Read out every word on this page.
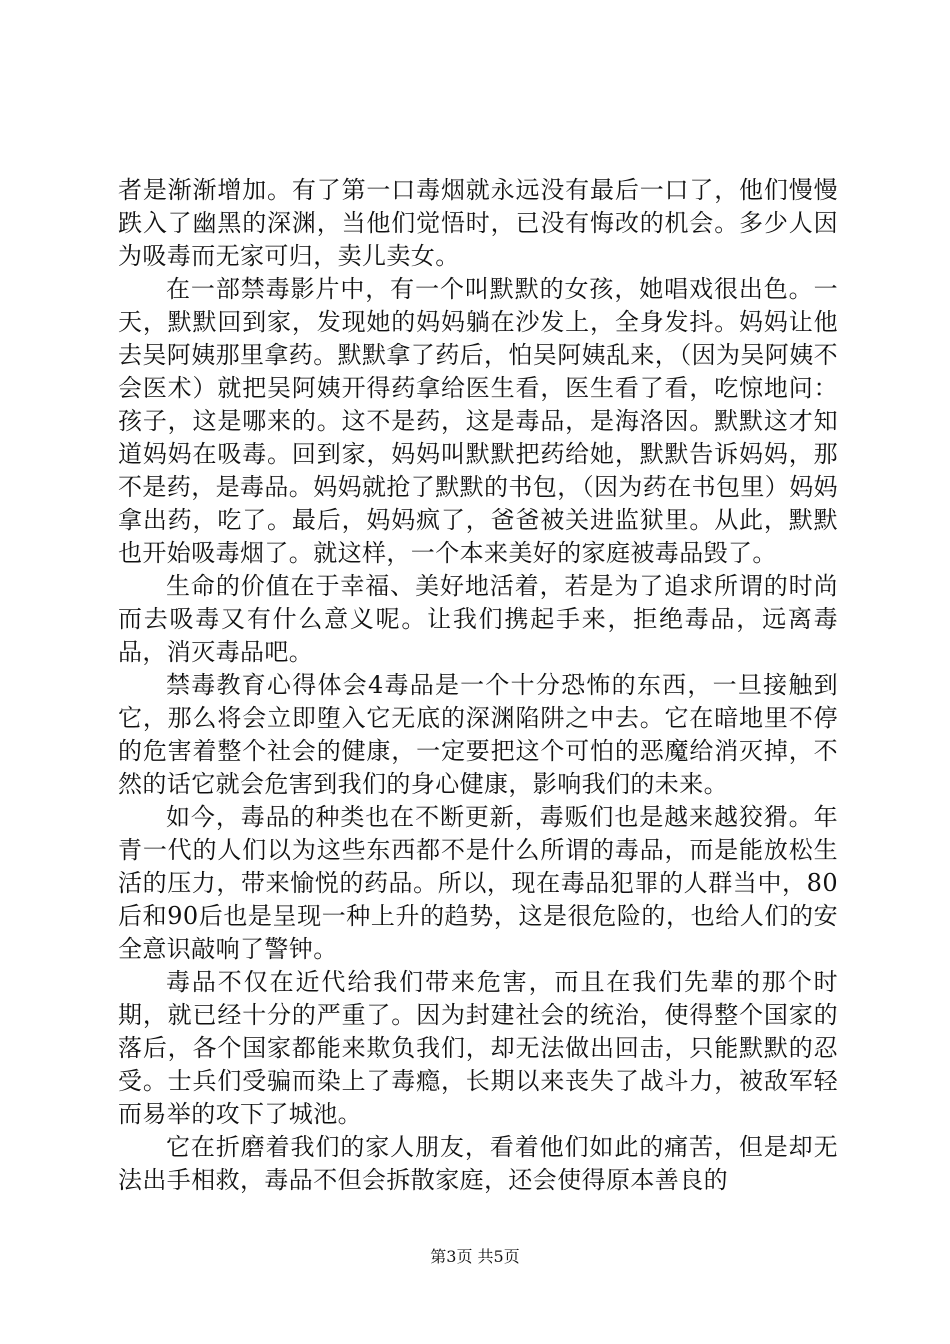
者是渐渐增加。有了第一口毒烟就永远没有最后一口了，他们慢慢跌入了幽黑的深渊，当他们觉悟时，已没有悔改的机会。多少人因为吸毒而无家可归，卖儿卖女。

在一部禁毒影片中，有一个叫默默的女孩，她唱戏很出色。一天，默默回到家，发现她的妈妈躺在沙发上，全身发抖。妈妈让他去吴阿姨那里拿药。默默拿了药后，怕吴阿姨乱来，（因为吴阿姨不会医术）就把吴阿姨开得药拿给医生看，医生看了看，吃惊地问：孩子，这是哪来的。这不是药，这是毒品，是海洛因。默默这才知道妈妈在吸毒。回到家，妈妈叫默默把药给她，默默告诉妈妈，那不是药，是毒品。妈妈就抢了默默的书包，（因为药在书包里）妈妈拿出药，吃了。最后，妈妈疯了，爸爸被关进监狱里。从此，默默也开始吸毒烟了。就这样，一个本来美好的家庭被毒品毁了。

生命的价值在于幸福、美好地活着，若是为了追求所谓的时尚而去吸毒又有什么意义呢。让我们携起手来，拒绝毒品，远离毒品，消灭毒品吧。

禁毒教育心得体会4毒品是一个十分恐怖的东西，一旦接触到它，那么将会立即堕入它无底的深渊陷阱之中去。它在暗地里不停的危害着整个社会的健康，一定要把这个可怕的恶魔给消灭掉，不然的话它就会危害到我们的身心健康，影响我们的未来。

如今，毒品的种类也在不断更新，毒贩们也是越来越狡猾。年青一代的人们以为这些东西都不是什么所谓的毒品，而是能放松生活的压力，带来愉悦的药品。所以，现在毒品犯罪的人群当中，80后和90后也是呈现一种上升的趋势，这是很危险的，也给人们的安全意识敲响了警钟。

毒品不仅在近代给我们带来危害，而且在我们先辈的那个时期，就已经十分的严重了。因为封建社会的统治，使得整个国家的落后，各个国家都能来欺负我们，却无法做出回击，只能默默的忍受。士兵们受骗而染上了毒瘾，长期以来丧失了战斗力，被敌军轻而易举的攻下了城池。

它在折磨着我们的家人朋友，看着他们如此的痛苦，但是却无法出手相救，毒品不但会拆散家庭，还会使得原本善良的

第3页 共5页
